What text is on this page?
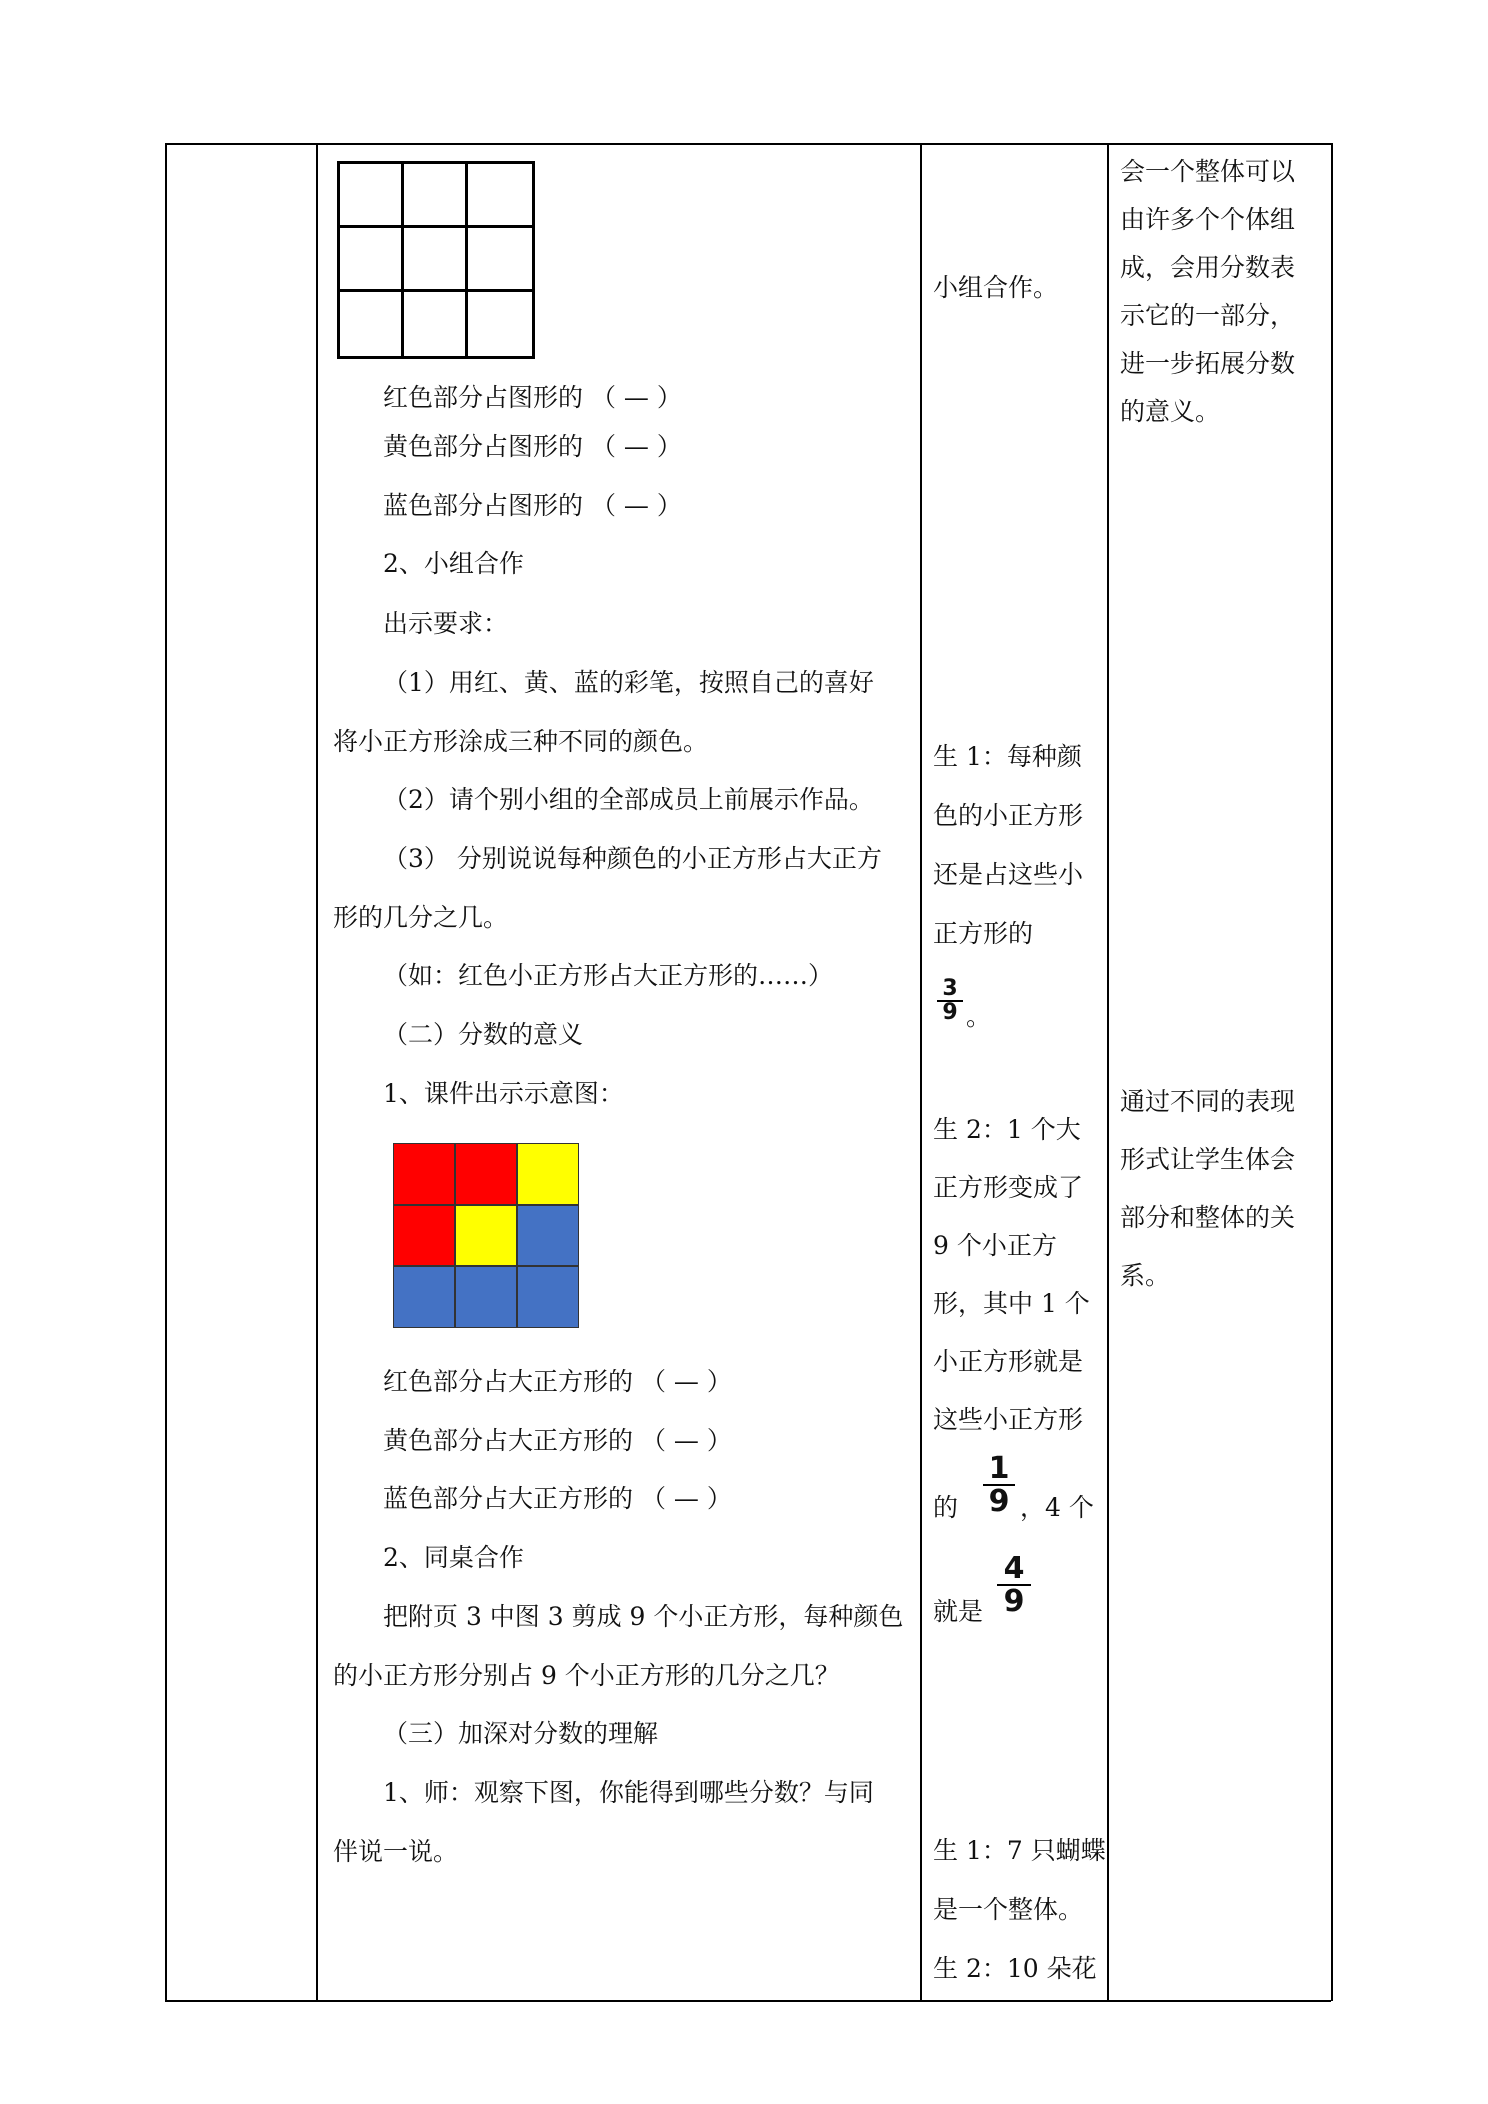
红色部分占图形的 （ — ）
黄色部分占图形的 （ — ）
蓝色部分占图形的 （ — ）
2、小组合作
出示要求：
（1）用红、黄、蓝的彩笔，按照自己的喜好
将小正方形涂成三种不同的颜色。
（2）请个别小组的全部成员上前展示作品。
（3） 分别说说每种颜色的小正方形占大正方
形的几分之几。
（如：红色小正方形占大正方形的……）
（二）分数的意义
1、课件出示示意图：
红色部分占大正方形的 （ — ）
黄色部分占大正方形的 （ — ）
蓝色部分占大正方形的 （ — ）
2、同桌合作
把附页 3 中图 3 剪成 9 个小正方形，每种颜色
的小正方形分别占 9 个小正方形的几分之几？
（三）加深对分数的理解
1、师：观察下图，你能得到哪些分数？与同
伴说一说。
小组合作。
生 1：每种颜
色的小正方形
还是占这些小
正方形的
$\frac{3}{9}$ 。
生 2：1 个大
正方形变成了
9 个小正方
形，其中 1 个
小正方形就是
这些小正方形
的 $\frac{1}{9}$ ，4 个
就是 $\frac{4}{9}$
生 1：7 只蝴蝶
是一个整体。
生 2：10 朵花
会一个整体可以
由许多个个体组
成，会用分数表
示它的一部分，
进一步拓展分数
的意义。
通过不同的表现
形式让学生体会
部分和整体的关
系。
